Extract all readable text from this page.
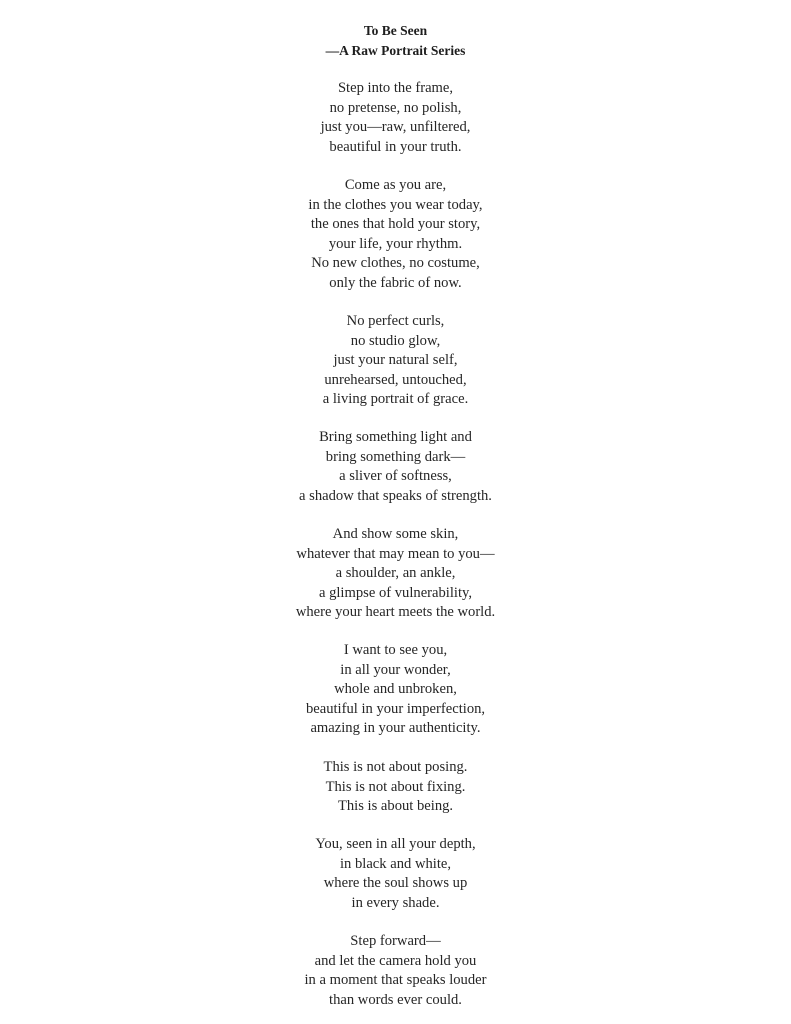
To Be Seen
—A Raw Portrait Series
Step into the frame,
no pretense, no polish,
just you—raw, unfiltered,
beautiful in your truth.
Come as you are,
in the clothes you wear today,
the ones that hold your story,
your life, your rhythm.
No new clothes, no costume,
only the fabric of now.
No perfect curls,
no studio glow,
just your natural self,
unrehearsed, untouched,
a living portrait of grace.
Bring something light and
bring something dark—
a sliver of softness,
a shadow that speaks of strength.
And show some skin,
whatever that may mean to you—
a shoulder, an ankle,
a glimpse of vulnerability,
where your heart meets the world.
I want to see you,
in all your wonder,
whole and unbroken,
beautiful in your imperfection,
amazing in your authenticity.
This is not about posing.
This is not about fixing.
This is about being.
You, seen in all your depth,
in black and white,
where the soul shows up
in every shade.
Step forward—
and let the camera hold you
in a moment that speaks louder
than words ever could.
